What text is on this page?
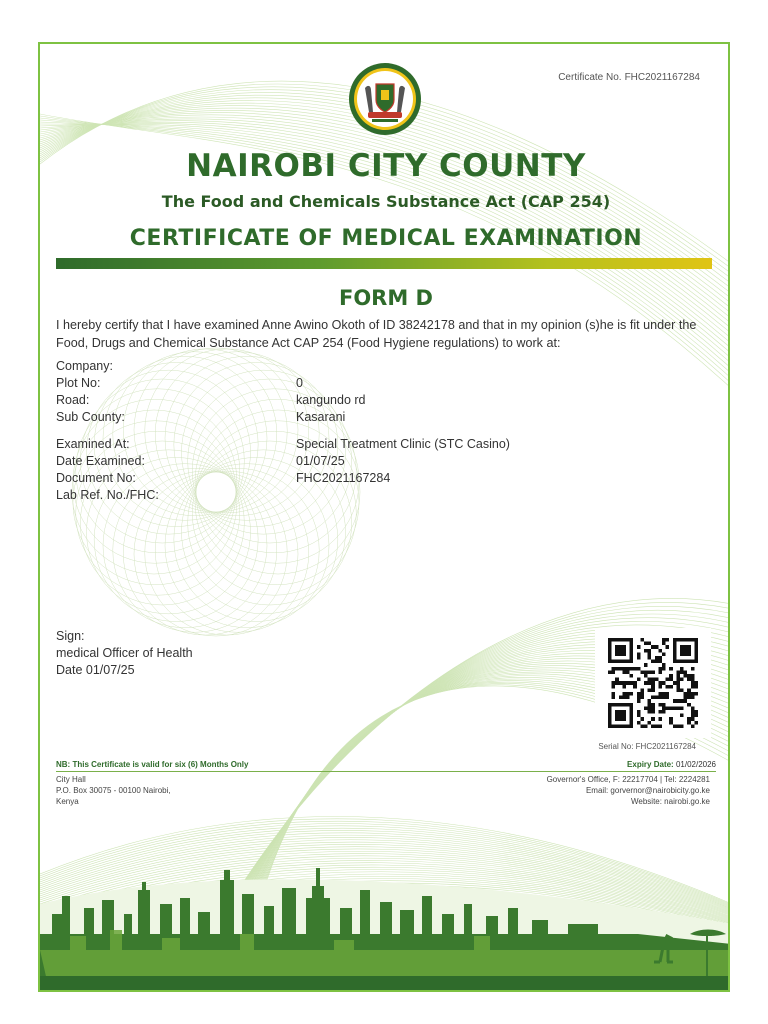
Certificate No. FHC2021167284
NAIROBI CITY COUNTY
The Food and Chemicals Substance Act (CAP 254)
CERTIFICATE OF MEDICAL EXAMINATION
FORM D
I hereby certify that I have examined Anne Awino Okoth of ID 38242178 and that in my opinion (s)he is fit under the Food, Drugs and Chemical Substance Act CAP 254 (Food Hygiene regulations) to work at:
Company:
Plot No:	0
Road:	kangundo rd
Sub County:	Kasarani
Examined At:	Special Treatment Clinic (STC Casino)
Date Examined:	01/07/25
Document No:	FHC2021167284
Lab Ref. No./FHC:
Sign:
medical Officer of Health
Date 01/07/25
Serial No: FHC2021167284
NB: This Certificate is valid for six (6) Months Only	Expiry Date: 01/02/2026
City Hall
P.O. Box 30075 - 00100 Nairobi,
Kenya
Governor's Office, F: 22217704 | Tel: 2224281
Email: gorvernor@nairobicity.go.ke
Website: nairobi.go.ke
